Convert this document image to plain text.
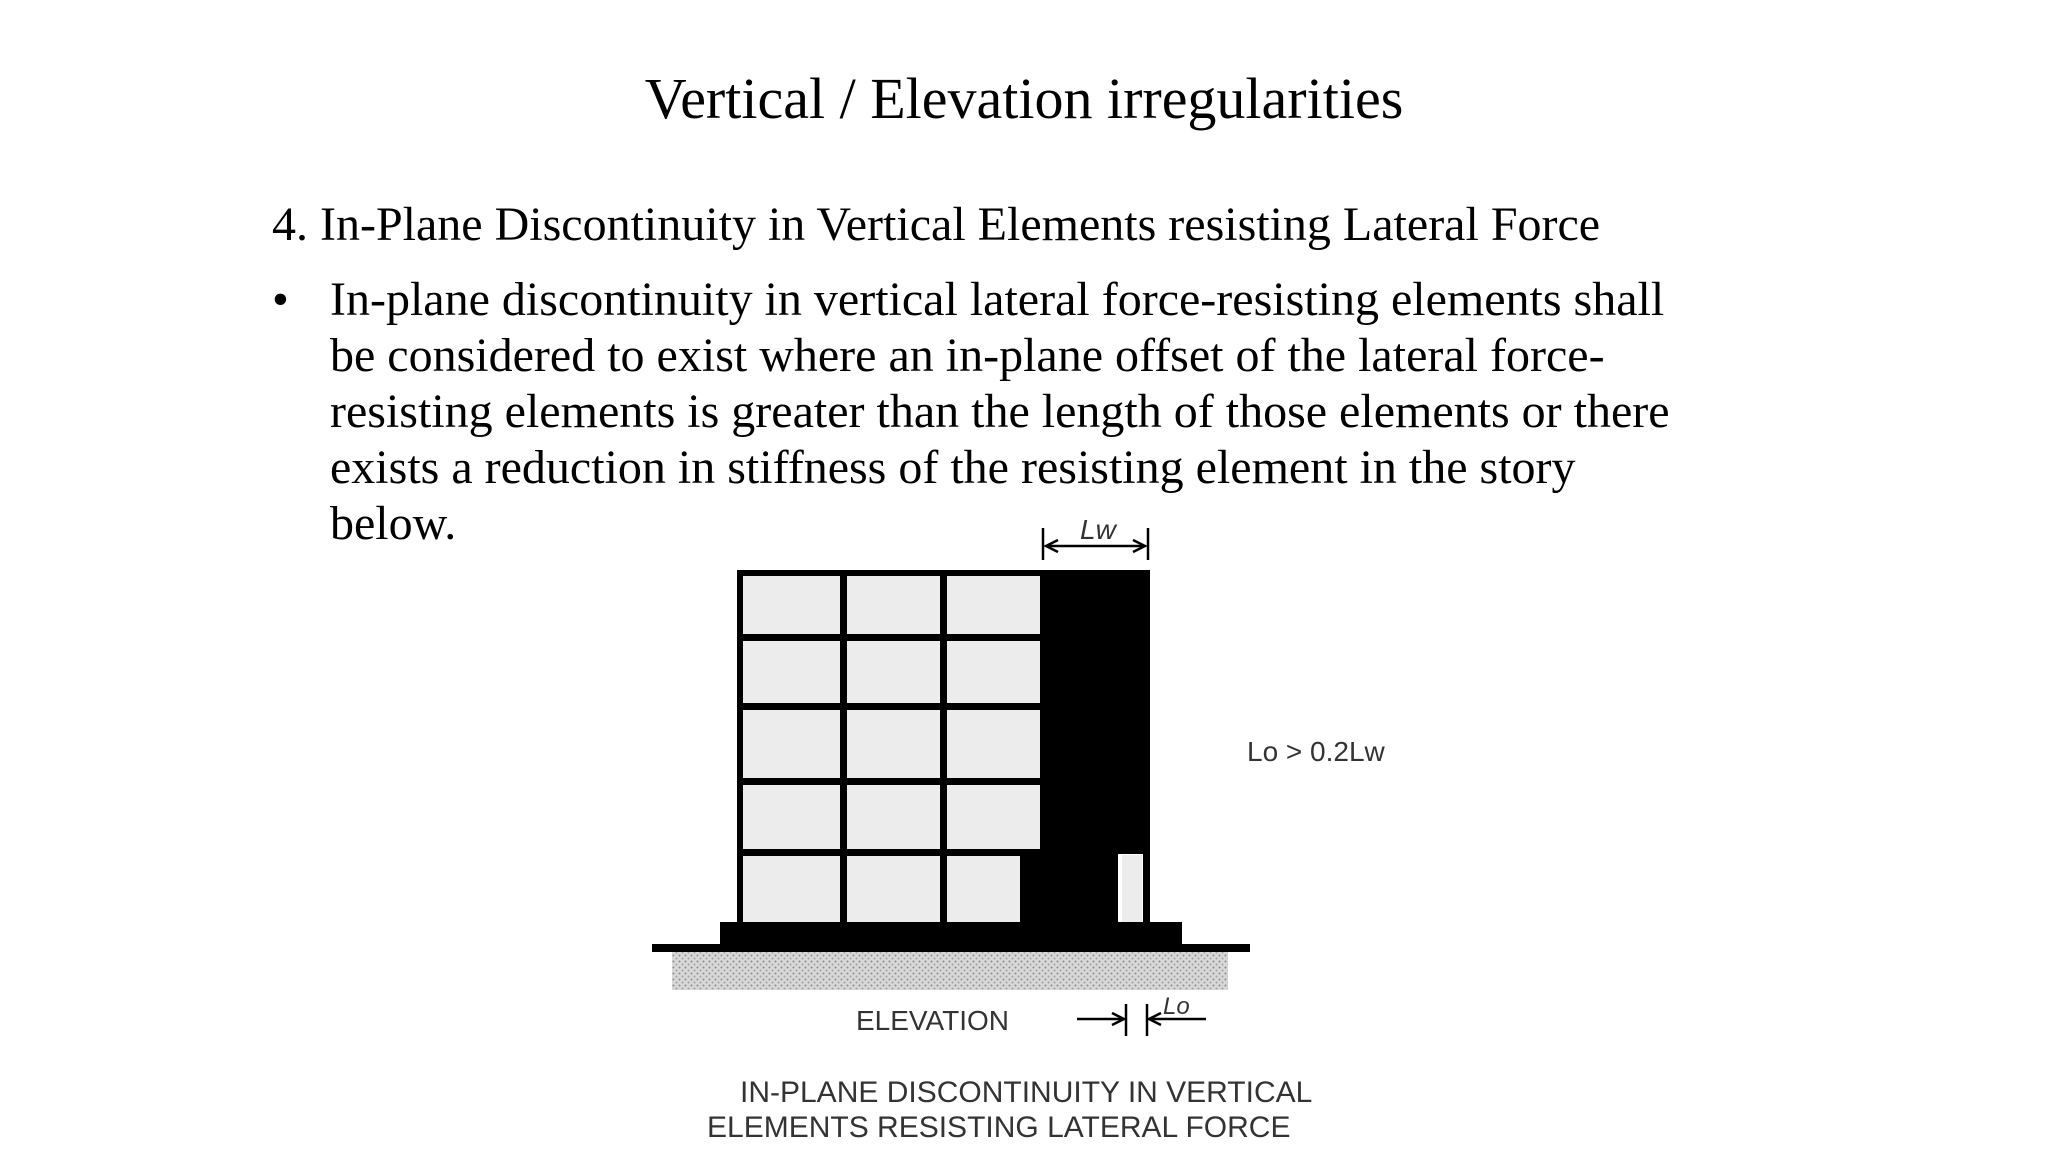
Vertical / Elevation irregularities
4. In-Plane Discontinuity in Vertical Elements resisting Lateral Force
• In-plane discontinuity in vertical lateral force-resisting elements shall
be considered to exist where an in-plane offset of the lateral force-
resisting elements is greater than the length of those elements or there
exists a reduction in stiffness of the resisting element in the story
below.	Lw
Lo > 0.2Lw
ELEVATION	Lo
IN-PLANE DISCONTINUITY IN VERTICAL
ELEMENTS RESISTING LATERAL FORCE
